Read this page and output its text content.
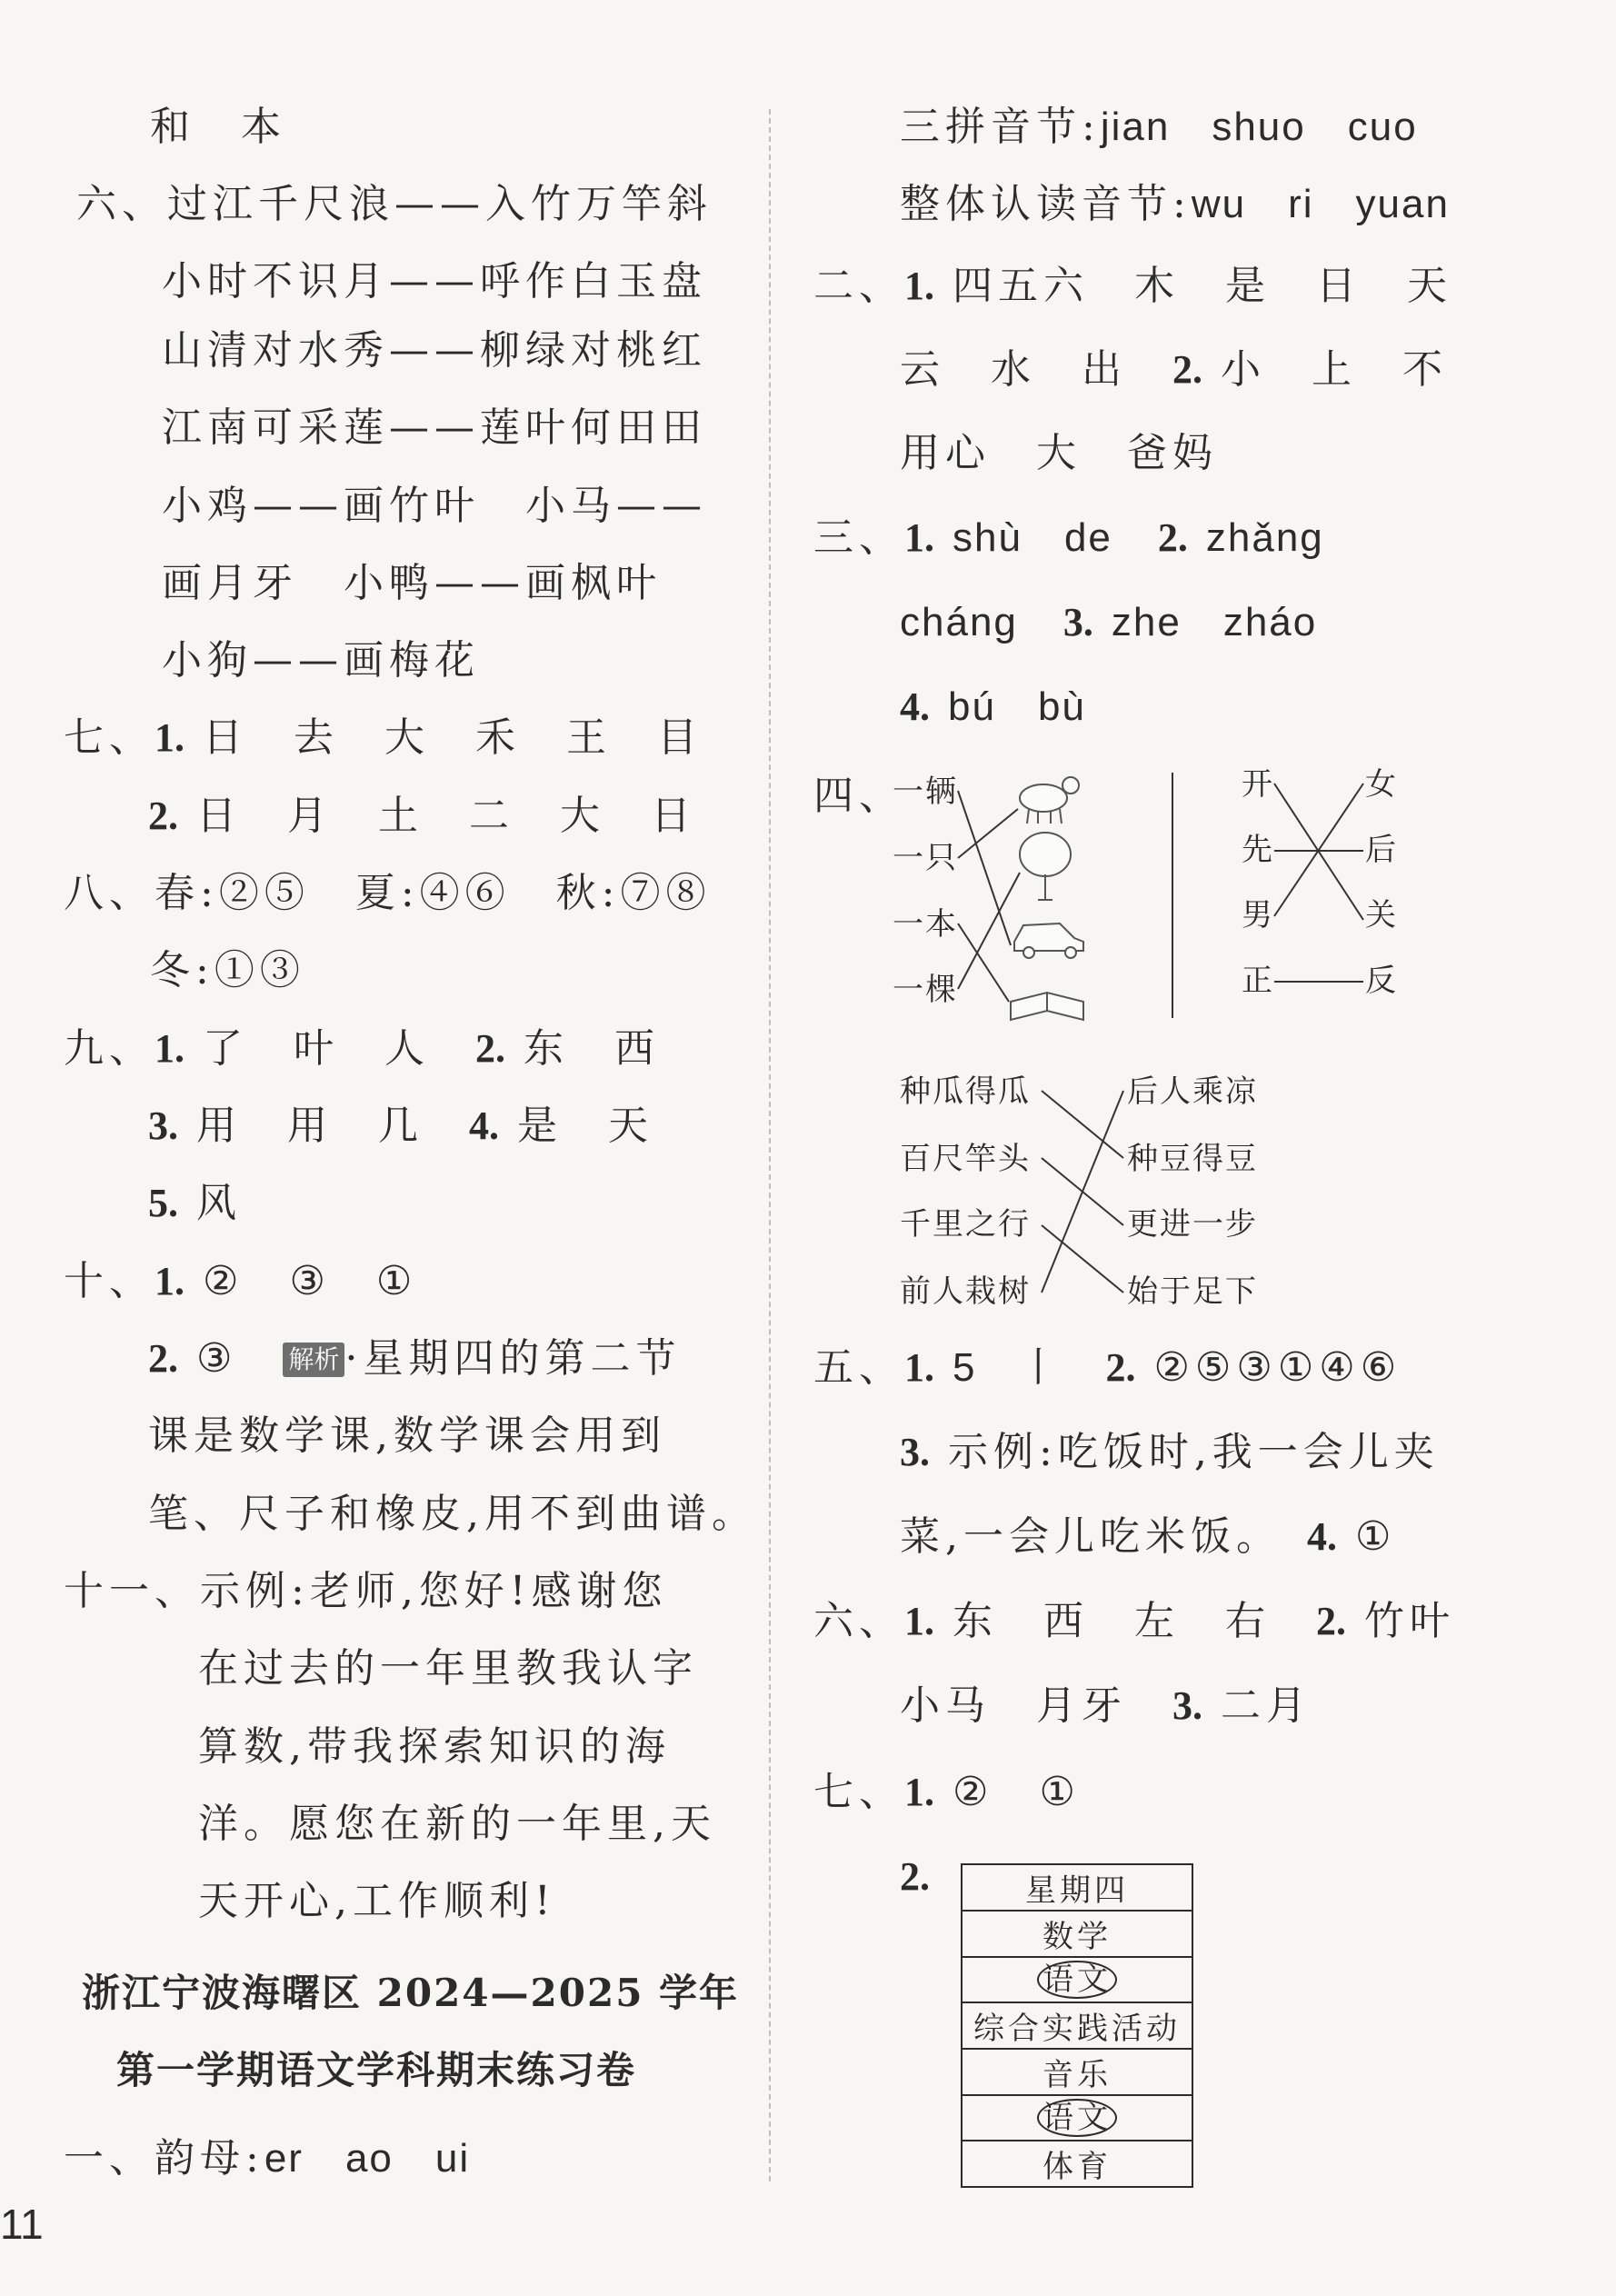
和　本
六、过江千尺浪——入竹万竿斜
小时不识月——呼作白玉盘
山清对水秀——柳绿对桃红
江南可采莲——莲叶何田田
小鸡——画竹叶　小马——
画月牙　小鸭——画枫叶
小狗——画梅花
七、1. 日　去　大　禾　王　目
2. 日　月　土　二　大　日
八、春:②⑤　夏:④⑥　秋:⑦⑧
冬:①③
九、1. 了　叶　人　 2. 东　西
3. 用　用　几　 4. 是　天
5. 风
十、1. ②　③　①
2. ③　 解析 ·星期四的第二节
课是数学课,数学课会用到
笔、尺子和橡皮,用不到曲谱。
十一、示例:老师,您好!感谢您
在过去的一年里教我认字
算数,带我探索知识的海
洋。愿您在新的一年里,天
天开心,工作顺利!
浙江宁波海曙区 2024—2025 学年
第一学期语文学科期末练习卷
一、韵母:er　ao　ui
11
三拼音节:jian　shuo　cuo
整体认读音节:wu　ri　yuan
二、1. 四五六　木　是　日　天
云　水　出　 2. 小　上　不
用心　大　爸妈
三、1. shù　de　 2. zhǎng
cháng　 3. zhe　zháo
4. bú　bù
四、
一辆
一只
一本
一棵
开
先
男
正
女
后
关
反
种瓜得瓜
百尺竿头
千里之行
前人栽树
后人乘凉
种豆得豆
更进一步
始于足下
五、1. 5　丨　 2. ②⑤③①④⑥
3. 示例:吃饭时,我一会儿夹
菜,一会儿吃米饭。　 4. ①
六、1. 东　西　左　右　 2. 竹叶
小马　月牙　 3. 二月
七、1. ②　①
2.	星期四
数学
语文
综合实践活动
音乐
语文
体育
